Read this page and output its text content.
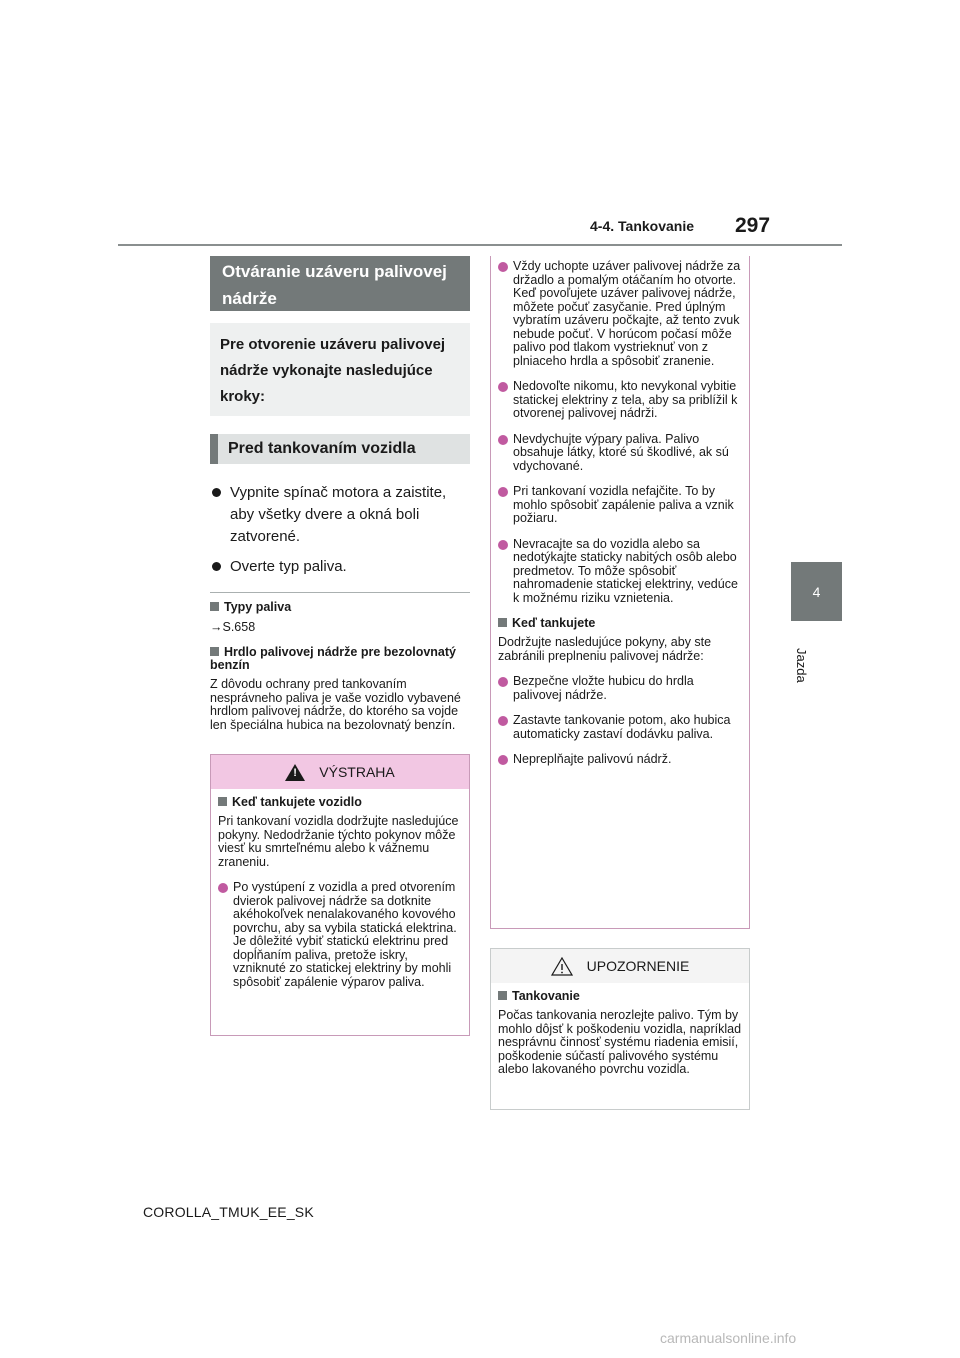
4-4. Tankovanie 297
4
Jazda
Otváranie uzáveru palivovej nádrže
Pre otvorenie uzáveru palivovej nádrže vykonajte nasledujúce kroky:
Pred tankovaním vozidla
Vypnite spínač motora a zaistite, aby všetky dvere a okná boli zatvorené.
Overte typ paliva.
Typy paliva
→S.658
Hrdlo palivovej nádrže pre bezolovnatý benzín
Z dôvodu ochrany pred tankovaním nesprávneho paliva je vaše vozidlo vybavené hrdlom palivovej nádrže, do ktorého sa vojde len špeciálna hubica na bezolovnatý benzín.
!
VÝSTRAHA
Keď tankujete vozidlo
Pri tankovaní vozidla dodržujte nasledujúce pokyny. Nedodržanie týchto pokynov môže viesť ku smrteľnému alebo k vážnemu zraneniu.
Po vystúpení z vozidla a pred otvorením dvierok palivovej nádrže sa dotknite akéhokoľvek nenalakovaného kovového povrchu, aby sa vybila statická elektrina. Je dôležité vybiť statickú elektrinu pred dopĺňaním paliva, pretože iskry, vzniknuté zo statickej elektriny by mohli spôsobiť zapálenie výparov paliva.
Vždy uchopte uzáver palivovej nádrže za držadlo a pomalým otáčaním ho otvorte. Keď povoľujete uzáver palivovej nádrže, môžete počuť zasyčanie. Pred úplným vybratím uzáveru počkajte, až tento zvuk nebude počuť. V horúcom počasí môže palivo pod tlakom vystrieknuť von z plniaceho hrdla a spôsobiť zranenie.
Nedovoľte nikomu, kto nevykonal vybitie statickej elektriny z tela, aby sa priblížil k otvorenej palivovej nádrži.
Nevdychujte výpary paliva. Palivo obsahuje látky, ktoré sú škodlivé, ak sú vdychované.
Pri tankovaní vozidla nefajčite. To by mohlo spôsobiť zapálenie paliva a vznik požiaru.
Nevracajte sa do vozidla alebo sa nedotýkajte staticky nabitých osôb alebo predmetov. To môže spôsobiť nahromadenie statickej elektriny, vedúce k možnému riziku vznietenia.
Keď tankujete
Dodržujte nasledujúce pokyny, aby ste zabránili preplneniu palivovej nádrže:
Bezpečne vložte hubicu do hrdla palivovej nádrže.
Zastavte tankovanie potom, ako hubica automaticky zastaví dodávku paliva.
Nepreplňajte palivovú nádrž.
UPOZORNENIE
Tankovanie
Počas tankovania nerozlejte palivo. Tým by mohlo dôjsť k poškodeniu vozidla, napríklad nesprávnu činnosť systému riadenia emisií, poškodenie súčastí palivového systému alebo lakovaného povrchu vozidla.
COROLLA_TMUK_EE_SK
carmanualsonline.info
